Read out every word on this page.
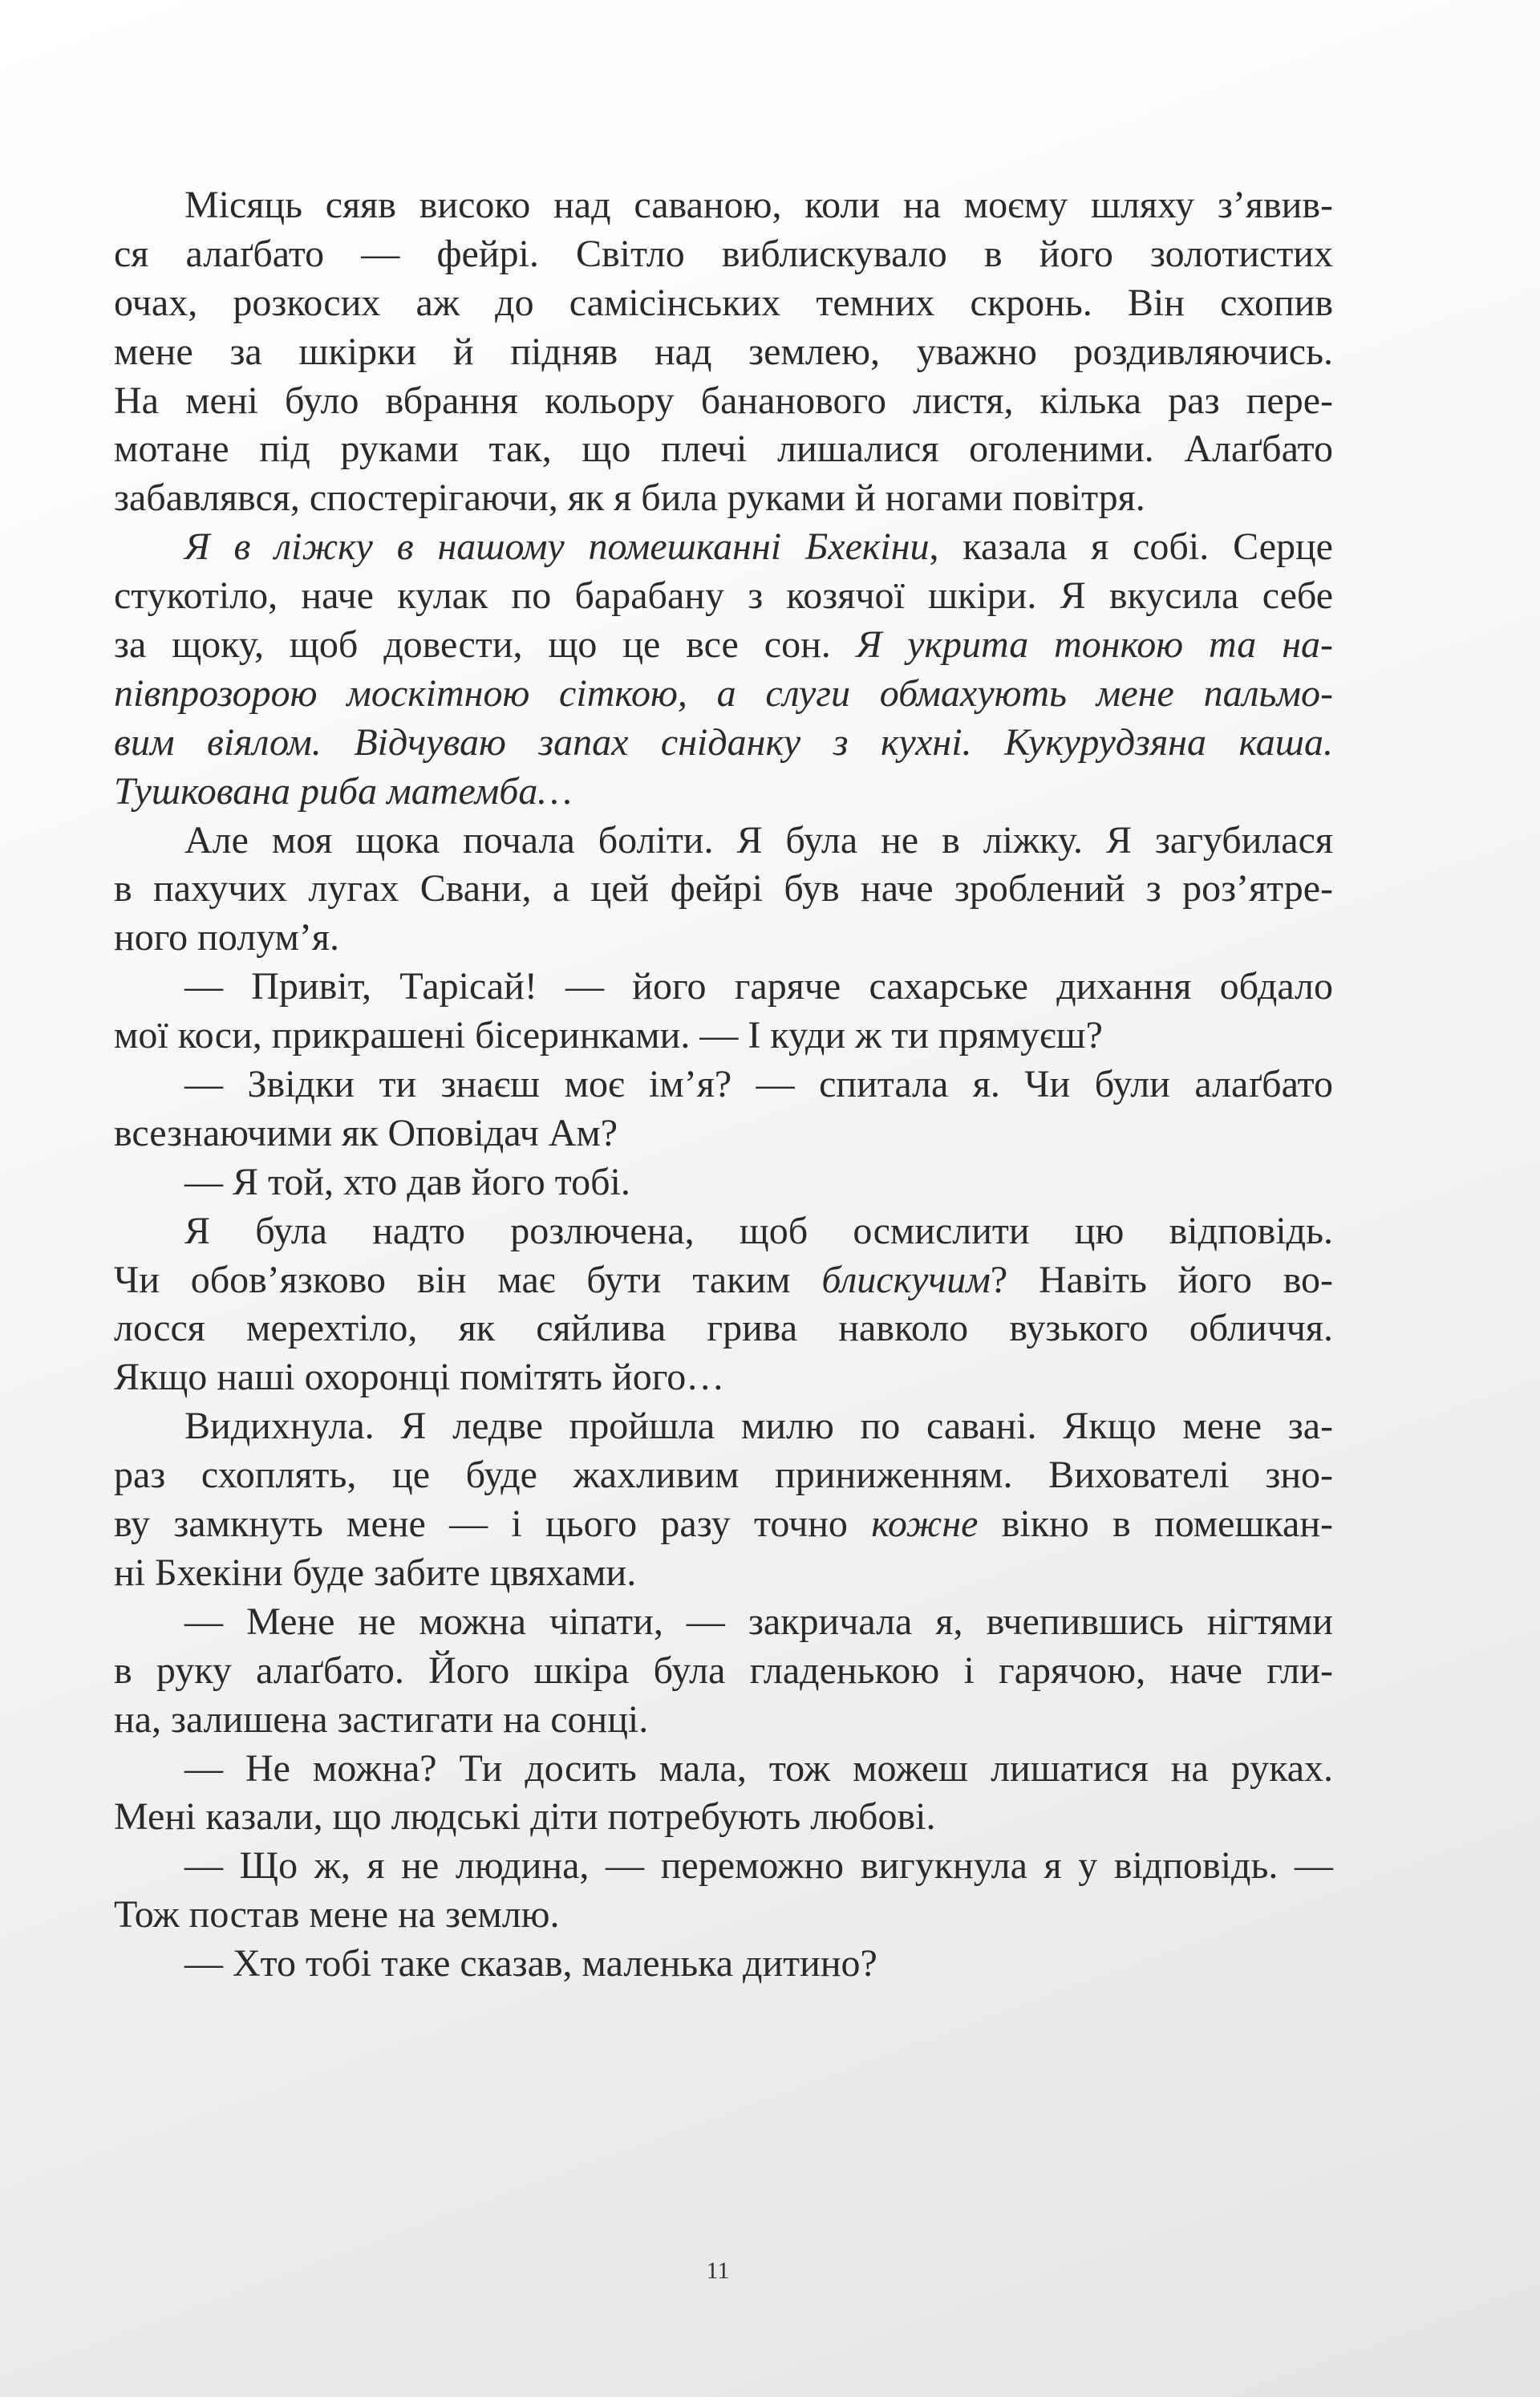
Місяць сяяв високо над саваною, коли на моєму шляху з’явив-
ся алаґбато — фейрі. Світло виблискувало в його золотистих
очах, розкосих аж до самісінських темних скронь. Він схопив
мене за шкірки й підняв над землею, уважно роздивляючись.
На мені було вбрання кольору бананового листя, кілька раз пере-
мотане під руками так, що плечі лишалися оголеними. Алаґбато
забавлявся, спостерігаючи, як я била руками й ногами повітря.
Я в ліжку в нашому помешканні Бхекіни , казала я собі. Серце
стукотіло, наче кулак по барабану з козячої шкіри. Я вкусила себе
за щоку, щоб довести, що це все сон. Я укрита тонкою та на-
півпрозорою москітною сіткою, а слуги обмахують мене пальмо-
вим віялом. Відчуваю запах сніданку з кухні. Кукурудзяна каша.
Тушкована риба матемба…
Але моя щока почала боліти. Я була не в ліжку. Я загубилася
в пахучих лугах Свани, а цей фейрі був наче зроблений з роз’ятре-
ного полум’я.
— Привіт, Тарісай! — його гаряче сахарське дихання обдало
мої коси, прикрашені бісеринками. — І куди ж ти прямуєш?
— Звідки ти знаєш моє ім’я? — спитала я. Чи були алаґбато
всезнаючими як Оповідач Ам?
— Я той, хто дав його тобі.
Я була надто розлючена, щоб осмислити цю відповідь.
Чи обов’язково він має бути таким блискучим ? Навіть його во-
лосся мерехтіло, як сяйлива грива навколо вузького обличчя.
Якщо наші охоронці помітять його…
Видихнула. Я ледве пройшла милю по савані. Якщо мене за-
раз схоплять, це буде жахливим приниженням. Вихователі зно-
ву замкнуть мене — і цього разу точно кожне вікно в помешкан-
ні Бхекіни буде забите цвяхами.
— Мене не можна чіпати, — закричала я, вчепившись нігтями
в руку алаґбато. Його шкіра була гладенькою і гарячою, наче гли-
на, залишена застигати на сонці.
— Не можна? Ти досить мала, тож можеш лишатися на руках.
Мені казали, що людські діти потребують любові.
— Що ж, я не людина, — переможно вигукнула я у відповідь. —
Тож постав мене на землю.
— Хто тобі таке сказав, маленька дитино?
11
